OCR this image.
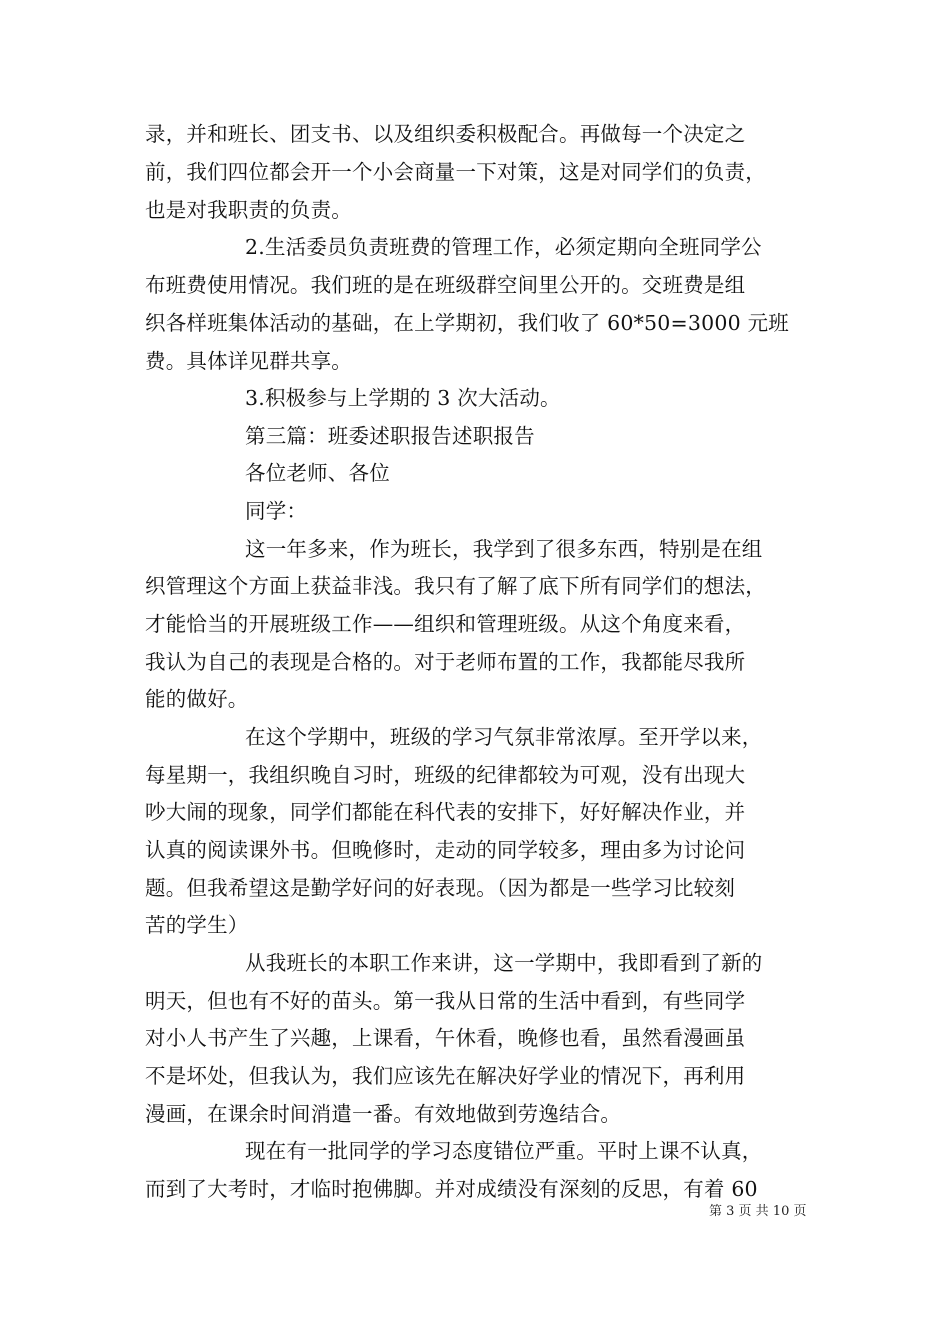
录，并和班长、团支书、以及组织委积极配合。再做每一个决定之
前，我们四位都会开一个小会商量一下对策，这是对同学们的负责，
也是对我职责的负责。
2.生活委员负责班费的管理工作，必须定期向全班同学公
布班费使用情况。我们班的是在班级群空间里公开的。交班费是组
织各样班集体活动的基础，在上学期初，我们收了 60*50=3000 元班
费。具体详见群共享。
3.积极参与上学期的 3 次大活动。
第三篇：班委述职报告述职报告
各位老师、各位
同学：
这一年多来，作为班长，我学到了很多东西，特别是在组
织管理这个方面上获益非浅。我只有了解了底下所有同学们的想法，
才能恰当的开展班级工作——组织和管理班级。从这个角度来看，
我认为自己的表现是合格的。对于老师布置的工作，我都能尽我所
能的做好。
在这个学期中，班级的学习气氛非常浓厚。至开学以来，
每星期一，我组织晚自习时，班级的纪律都较为可观，没有出现大
吵大闹的现象，同学们都能在科代表的安排下，好好解决作业，并
认真的阅读课外书。但晚修时，走动的同学较多，理由多为讨论问
题。但我希望这是勤学好问的好表现。（因为都是一些学习比较刻
苦的学生）
从我班长的本职工作来讲，这一学期中，我即看到了新的
明天，但也有不好的苗头。第一我从日常的生活中看到，有些同学
对小人书产生了兴趣，上课看，午休看，晚修也看，虽然看漫画虽
不是坏处，但我认为，我们应该先在解决好学业的情况下，再利用
漫画，在课余时间消遣一番。有效地做到劳逸结合。
现在有一批同学的学习态度错位严重。平时上课不认真，
而到了大考时，才临时抱佛脚。并对成绩没有深刻的反思，有着 60
第 3 页 共 10 页
